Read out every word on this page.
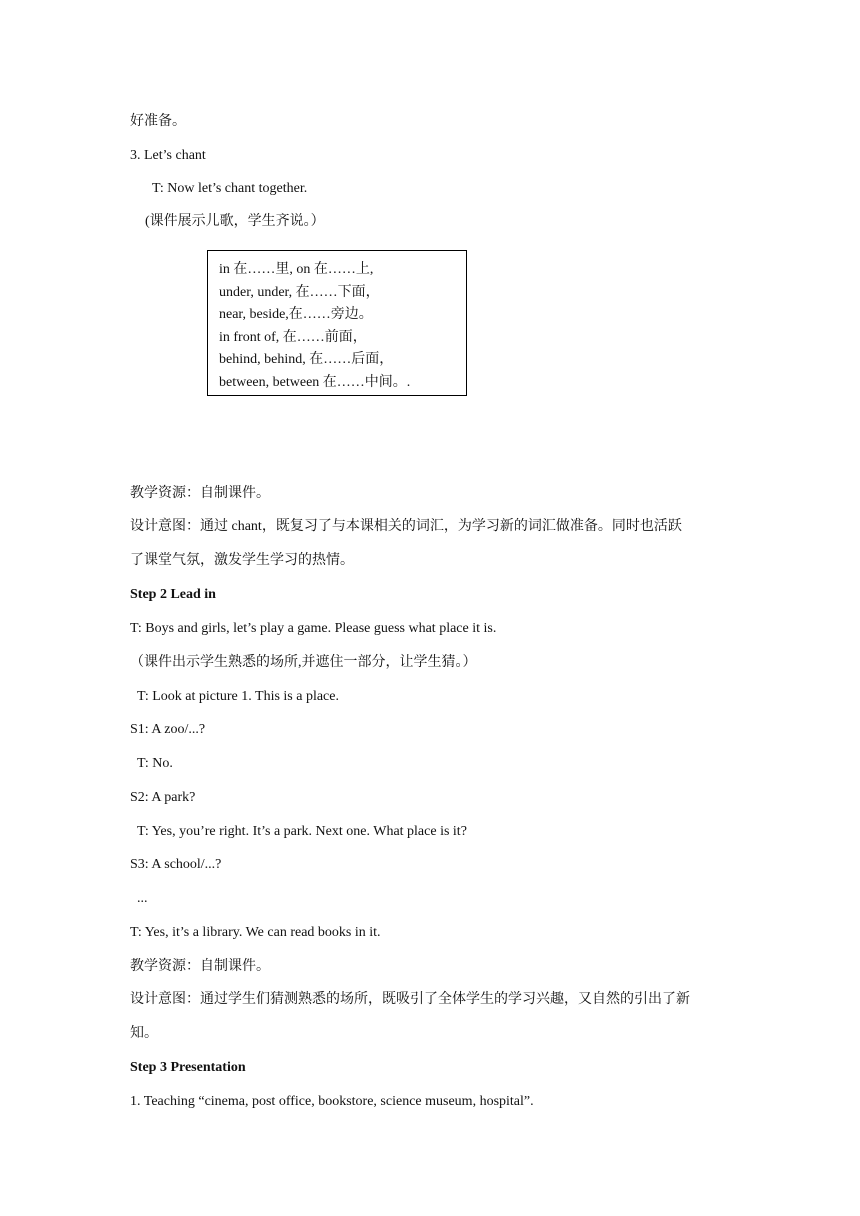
好准备。
3. Let’s chant
T: Now let’s chant together.
(课件展示儿歌，学生齐说。）
in 在……里, on 在……上,
under, under, 在……下面，
near, beside,在……旁边。
in front of, 在……前面，
behind, behind, 在……后面，
between, between 在……中间。.
教学资源：自制课件。
设计意图：通过 chant，既复习了与本课相关的词汇，为学习新的词汇做准备。同时也活跃
了课堂气氛，激发学生学习的热情。
Step 2 Lead in
T: Boys and girls, let’s play a game. Please guess what place it is.
（课件出示学生熟悉的场所,并遮住一部分，让学生猜。）
T: Look at picture 1. This is a place.
S1: A zoo/...?
T: No.
S2: A park?
T: Yes, you’re right. It’s a park. Next one. What place is it?
S3: A school/...?
...
T: Yes, it’s a library. We can read books in it.
教学资源：自制课件。
设计意图：通过学生们猜测熟悉的场所，既吸引了全体学生的学习兴趣，又自然的引出了新
知。
Step 3 Presentation
1. Teaching “cinema, post office, bookstore, science museum, hospital”.
